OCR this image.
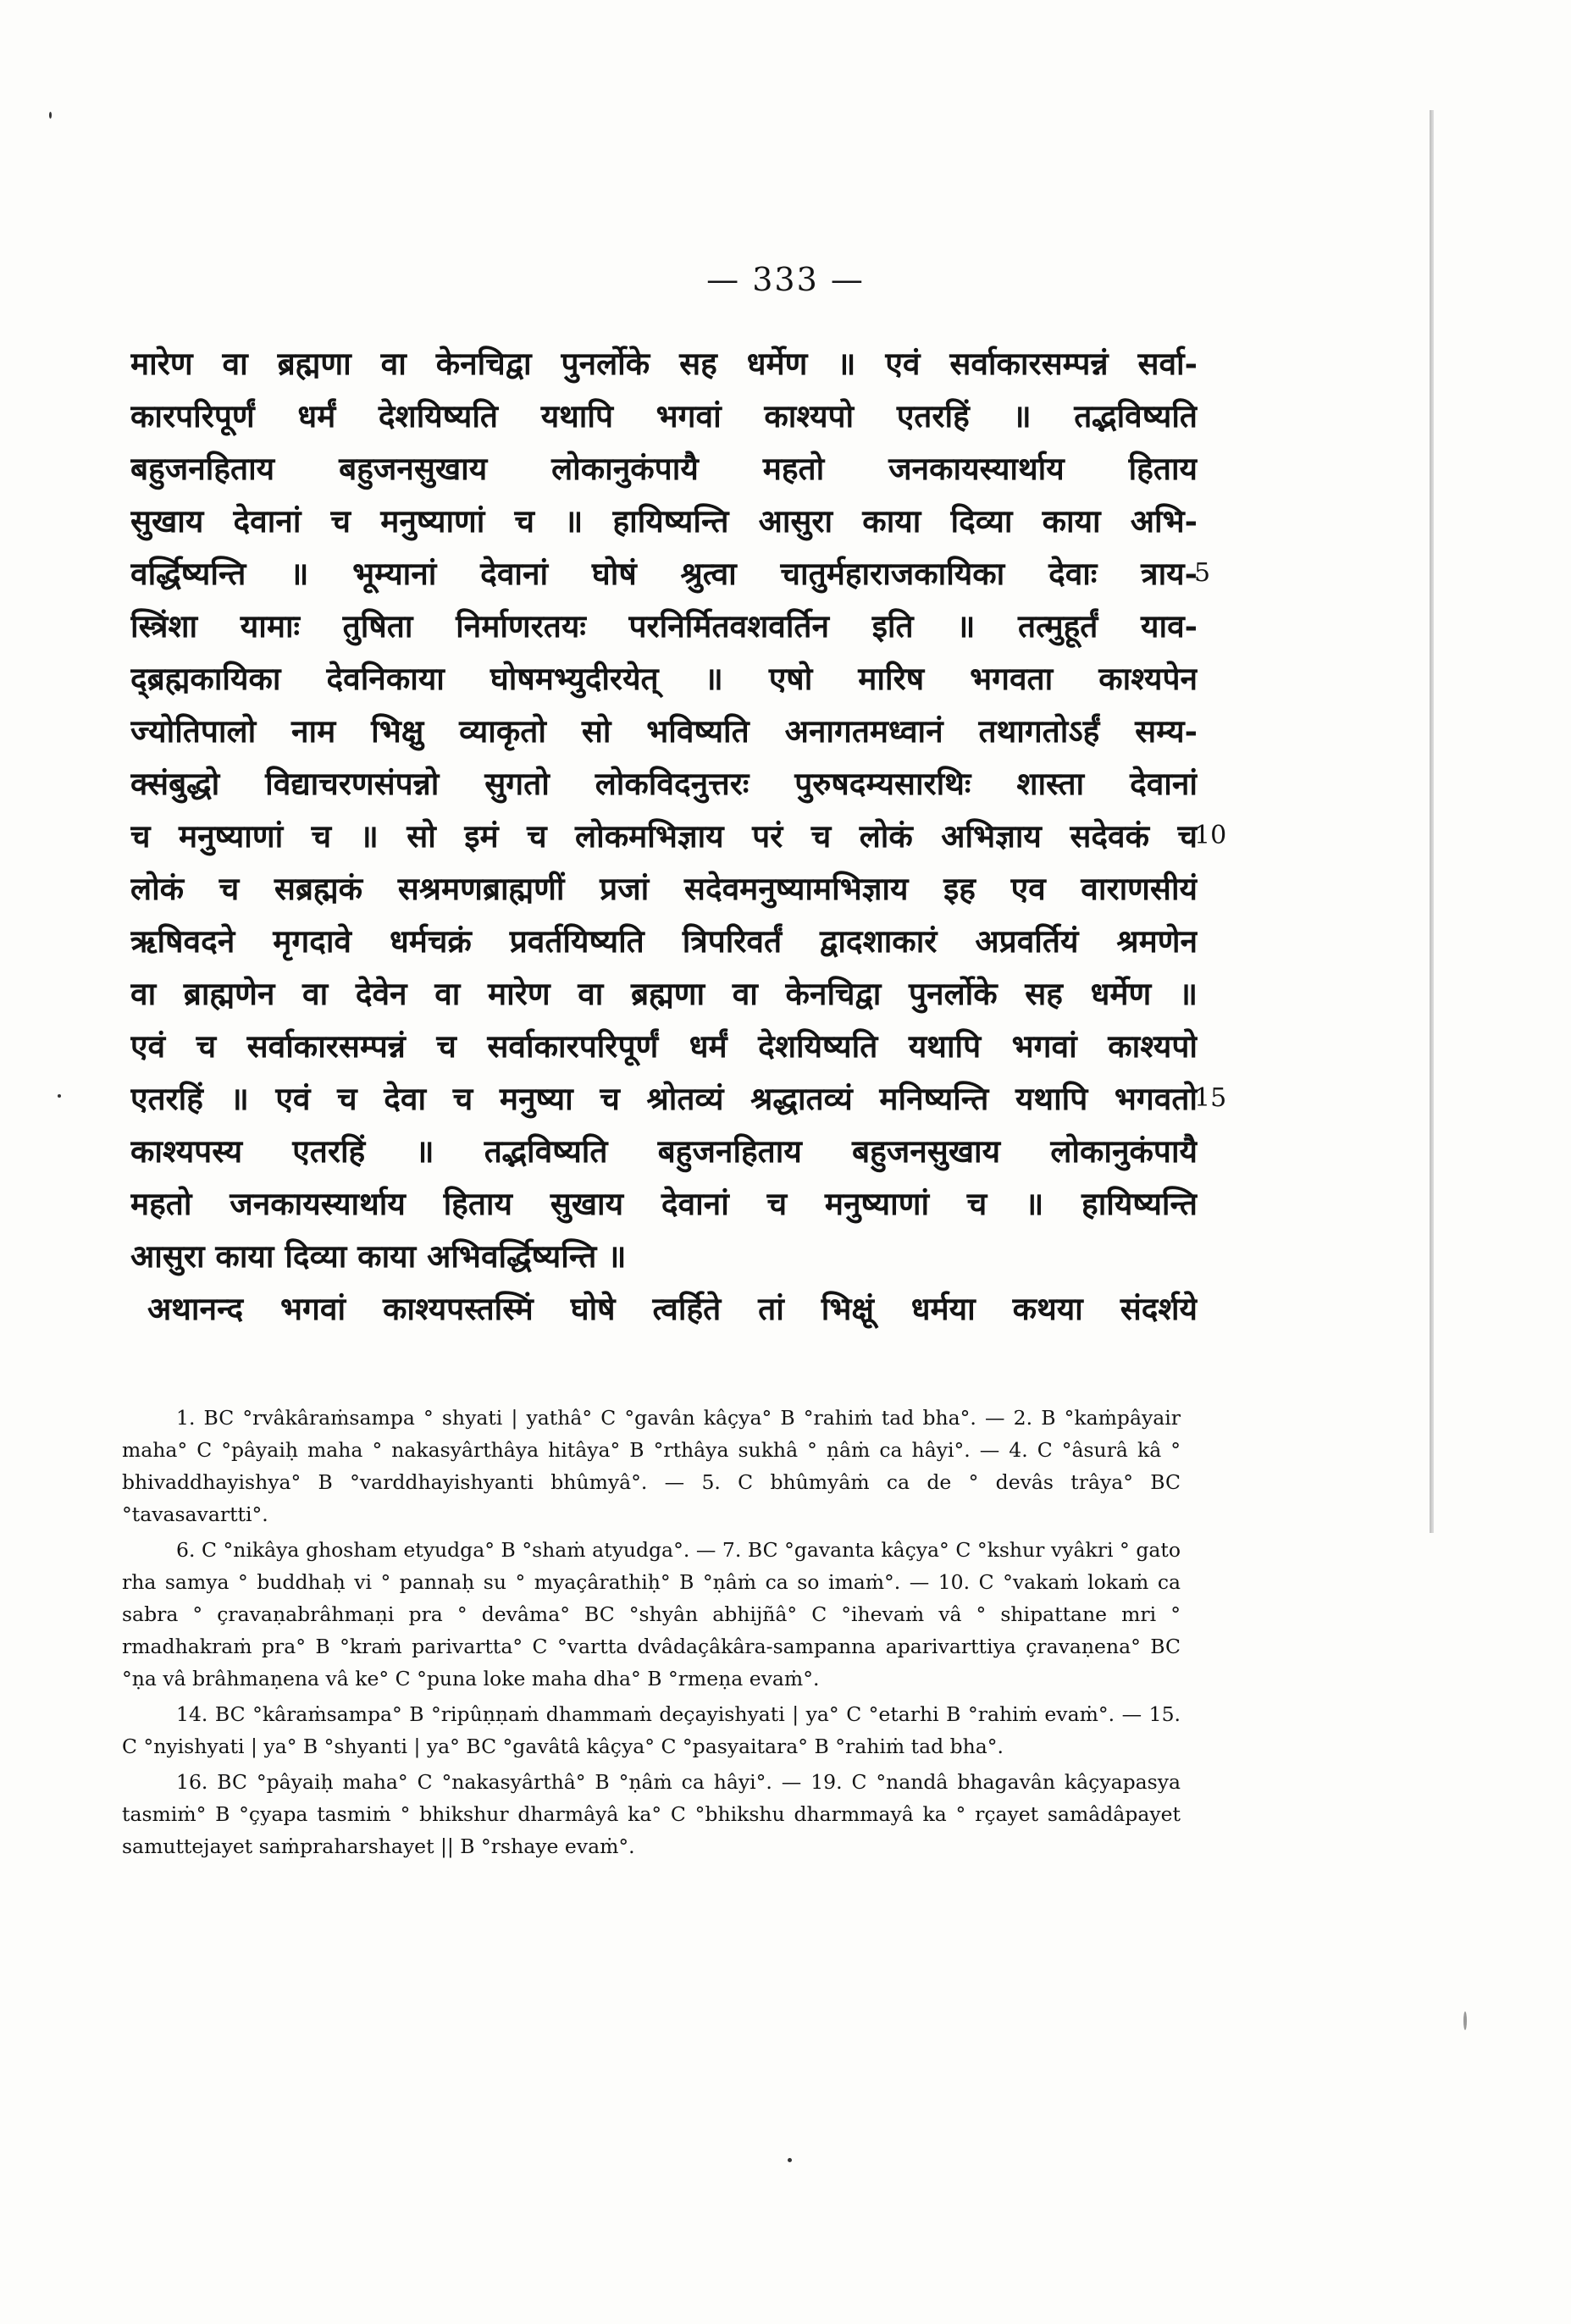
— 333 —
मारेण वा ब्रह्मणा वा केनचिद्वा पुनर्लोके सह धर्मेण ॥ एवं सर्वाकारसम्पन्नं सर्वा-
कारपरिपूर्णं धर्मं देशयिष्यति यथापि भगवां काश्यपो एतरहिं ॥ तद्भविष्यति
बहुजनहिताय बहुजनसुखाय लोकानुकंपायै महतो जनकायस्यार्थाय हिताय
सुखाय देवानां च मनुष्याणां च ॥ हायिष्यन्ति आसुरा काया दिव्या काया अभि-
वर्द्धिष्यन्ति ॥ भूम्यानां देवानां घोषं श्रुत्वा चातुर्महाराजकायिका देवाः त्राय-
स्त्रिंशा यामाः तुषिता निर्माणरतयः परनिर्मितवशवर्तिन इति ॥ तत्मुहूर्तं याव-
द्ब्रह्मकायिका देवनिकाया घोषमभ्युदीरयेत् ॥ एषो मारिष भगवता काश्यपेन
ज्योतिपालो नाम भिक्षु व्याकृतो सो भविष्यति अनागतमध्वानं तथागतोऽर्हं सम्य-
क्संबुद्धो विद्याचरणसंपन्नो सुगतो लोकविदनुत्तरः पुरुषदम्यसारथिः शास्ता देवानां
च मनुष्याणां च ॥ सो इमं च लोकमभिज्ञाय परं च लोकं अभिज्ञाय सदेवकं च
लोकं च सब्रह्मकं सश्रमणब्राह्मणीं प्रजां सदेवमनुष्यामभिज्ञाय इह एव वाराणसीयं
ऋषिवदने मृगदावे धर्मचक्रं प्रवर्तयिष्यति त्रिपरिवर्तं द्वादशाकारं अप्रवर्तियं श्रमणेन
वा ब्राह्मणेन वा देवेन वा मारेण वा ब्रह्मणा वा केनचिद्वा पुनर्लोके सह धर्मेण ॥
एवं च सर्वाकारसम्पन्नं च सर्वाकारपरिपूर्णं धर्मं देशयिष्यति यथापि भगवां काश्यपो
एतरहिं ॥ एवं च देवा च मनुष्या च श्रोतव्यं श्रद्धातव्यं मनिष्यन्ति यथापि भगवतो
काश्यपस्य एतरहिं ॥ तद्भविष्यति बहुजनहिताय बहुजनसुखाय लोकानुकंपायै
महतो जनकायस्यार्थाय हिताय सुखाय देवानां च मनुष्याणां च ॥ हायिष्यन्ति
आसुरा काया दिव्या काया अभिवर्द्धिष्यन्ति ॥
अथानन्द भगवां काश्यपस्तस्मिं घोषे त्वर्हिते तां भिक्षूं धर्मया कथया संदर्शये
5
10
15

1. BC °rvâkâraṁsampa ° shyati | yathâ° C °gavân kâçya° B °rahiṁ tad bha°. — 2. B °kaṁpâyair maha° C °pâyaiḥ maha ° nakasyârthâya hitâya° B °rthâya sukhâ ° ṇâṁ ca hâyi°. — 4. C °âsurâ kâ ° bhivaddhayishya° B °varddhayishyanti bhûmyâ°. — 5. C bhûmyâṁ ca de ° devâs trâya° BC °tavasavartti°.

6. C °nikâya ghosham etyudga° B °shaṁ atyudga°. — 7. BC °gavanta kâçya° C °kshur vyâkri ° gato rha samya ° buddhaḥ vi ° pannaḥ su ° myaçârathiḥ° B °ṇâṁ ca so imaṁ°. — 10. C °vakaṁ lokaṁ ca sabra ° çravaṇabrâhmaṇi pra ° devâma° BC °shyân abhijñâ° C °ihevaṁ vâ ° shipattane mri ° rmadhakraṁ pra° B °kraṁ parivartta° C °vartta dvâdaçâkâra-sampanna aparivarttiya çravaṇena° BC °ṇa vâ brâhmaṇena vâ ke° C °puna loke maha dha° B °rmeṇa evaṁ°.

14. BC °kâraṁsampa° B °ripûṇṇaṁ dhammaṁ deçayishyati | ya° C °etarhi B °rahiṁ evaṁ°. — 15. C °nyishyati | ya° B °shyanti | ya° BC °gavâtâ kâçya° C °pasyaitara° B °rahiṁ tad bha°.

16. BC °pâyaiḥ maha° C °nakasyârthâ° B °ṇâṁ ca hâyi°. — 19. C °nandâ bhagavân kâçyapasya tasmiṁ° B °çyapa tasmiṁ ° bhikshur dharmâyâ ka° C °bhikshu dharmmayâ ka ° rçayet samâdâpayet samuttejayet saṁpraharshayet || B °rshaye evaṁ°.
